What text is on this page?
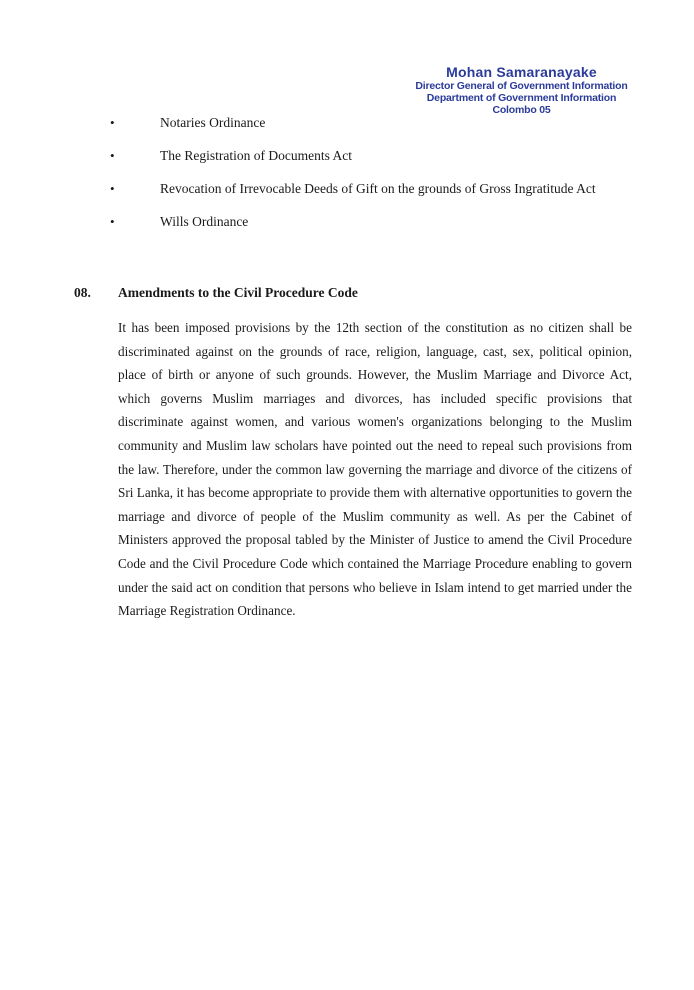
Mohan Samaranayake
Director General of Government Information
Department of Government Information
Colombo 05
•	Notaries Ordinance
•	The Registration of Documents Act
•	Revocation of Irrevocable Deeds of Gift on the grounds of Gross Ingratitude Act
•	Wills Ordinance
08. Amendments to the Civil Procedure Code

It has been imposed provisions by the 12th section of the constitution as no citizen shall be discriminated against on the grounds of race, religion, language, cast, sex, political opinion, place of birth or anyone of such grounds. However, the Muslim Marriage and Divorce Act, which governs Muslim marriages and divorces, has included specific provisions that discriminate against women, and various women's organizations belonging to the Muslim community and Muslim law scholars have pointed out the need to repeal such provisions from the law. Therefore, under the common law governing the marriage and divorce of the citizens of Sri Lanka, it has become appropriate to provide them with alternative opportunities to govern the marriage and divorce of people of the Muslim community as well. As per the Cabinet of Ministers approved the proposal tabled by the Minister of Justice to amend the Civil Procedure Code and the Civil Procedure Code which contained the Marriage Procedure enabling to govern under the said act on condition that persons who believe in Islam intend to get married under the Marriage Registration Ordinance.
